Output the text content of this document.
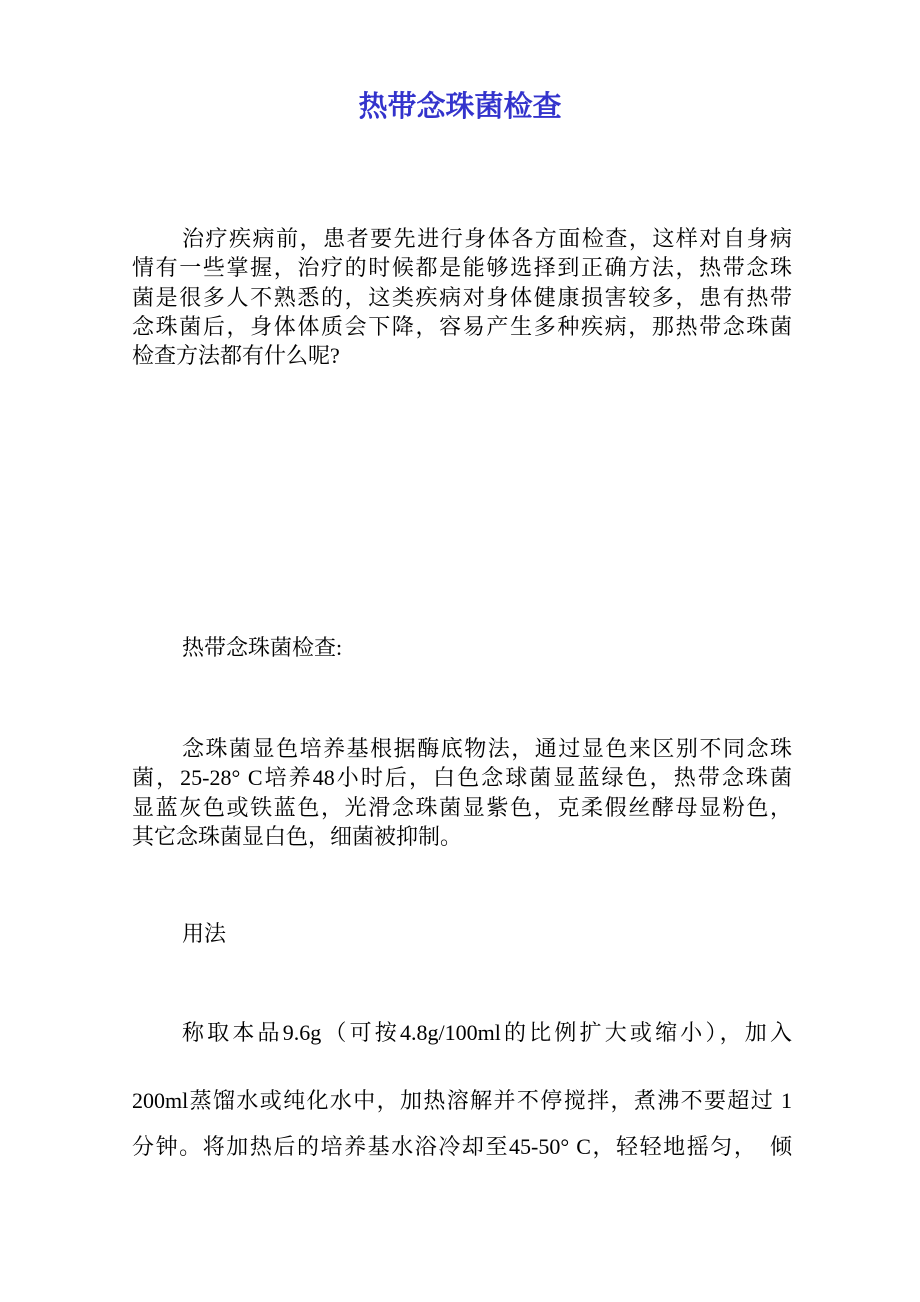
热带念珠菌检查
治疗疾病前，患者要先进行身体各方面检查，这样对自身病
情有一些掌握，治疗的时候都是能够选择到正确方法，热带念珠
菌是很多人不熟悉的，这类疾病对身体健康损害较多，患有热带
念珠菌后，身体体质会下降，容易产生多种疾病，那热带念珠菌
检查方法都有什么呢?
热带念珠菌检查:
念珠菌显色培养基根据酶底物法，通过显色来区别不同念珠
菌，25-28° C培养48小时后，白色念球菌显蓝绿色，热带念珠菌
显蓝灰色或铁蓝色，光滑念珠菌显紫色，克柔假丝酵母显粉色，
其它念珠菌显白色，细菌被抑制。
用法
称取本品9.6g（可按4.8g/100ml的比例扩大或缩小），加入
200ml蒸馏水或纯化水中，加热溶解并不停搅拌，煮沸不要超过 1
分钟。将加热后的培养基水浴冷却至45-50° C，轻轻地摇匀，　倾
